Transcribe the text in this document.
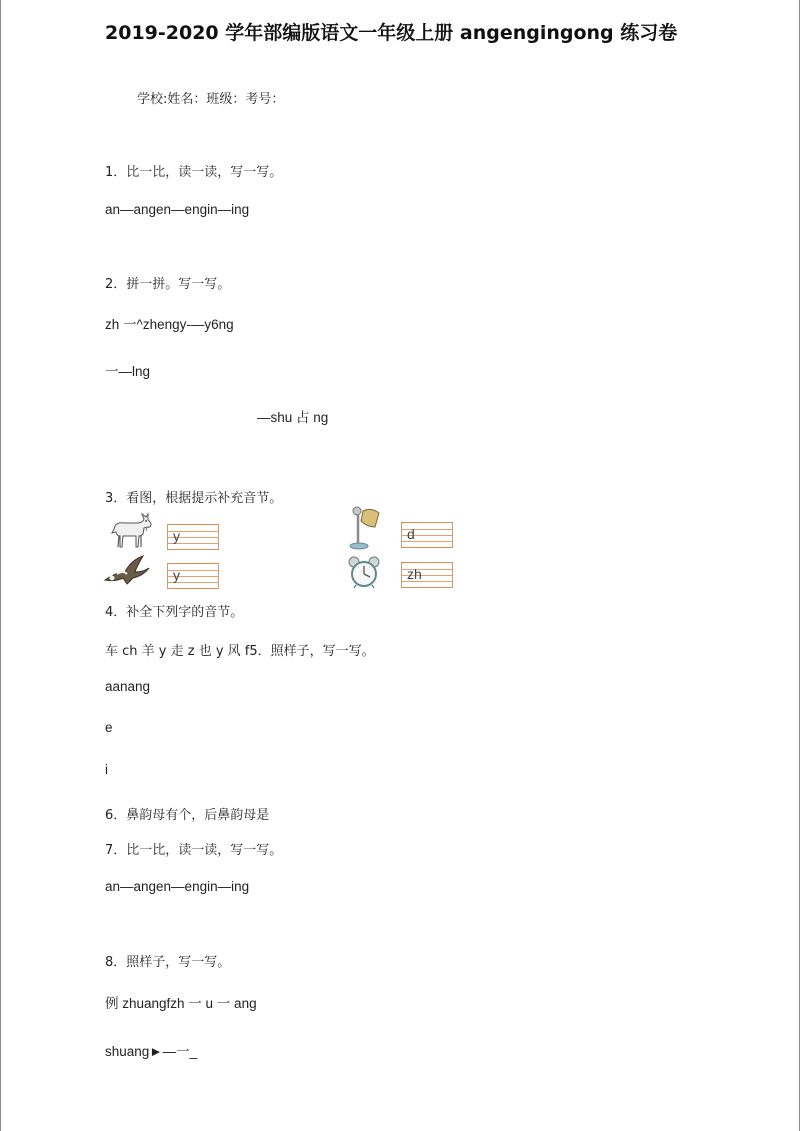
2019-2020 学年部编版语文一年级上册 angengingong 练习卷
学校:姓名：班级：考号：
1．比一比，读一读，写一写。
an—angen—engin—ing
2．拼一拼。写一写。
zh 一^zhengy-—y6ng
一—lng
—shu 占 ng
3．看图，根据提示补充音节。
y	d
y	zh
4．补全下列字的音节。
车 ch 羊 y 走 z 也 y 风 f5．照样子，写一写。
aanang
e
i
6．鼻韵母有个，后鼻韵母是
7．比一比，读一读，写一写。
an—angen—engin—ing
8．照样子，写一写。
例 zhuangfzh 一 u 一 ang
shuang►—一_
